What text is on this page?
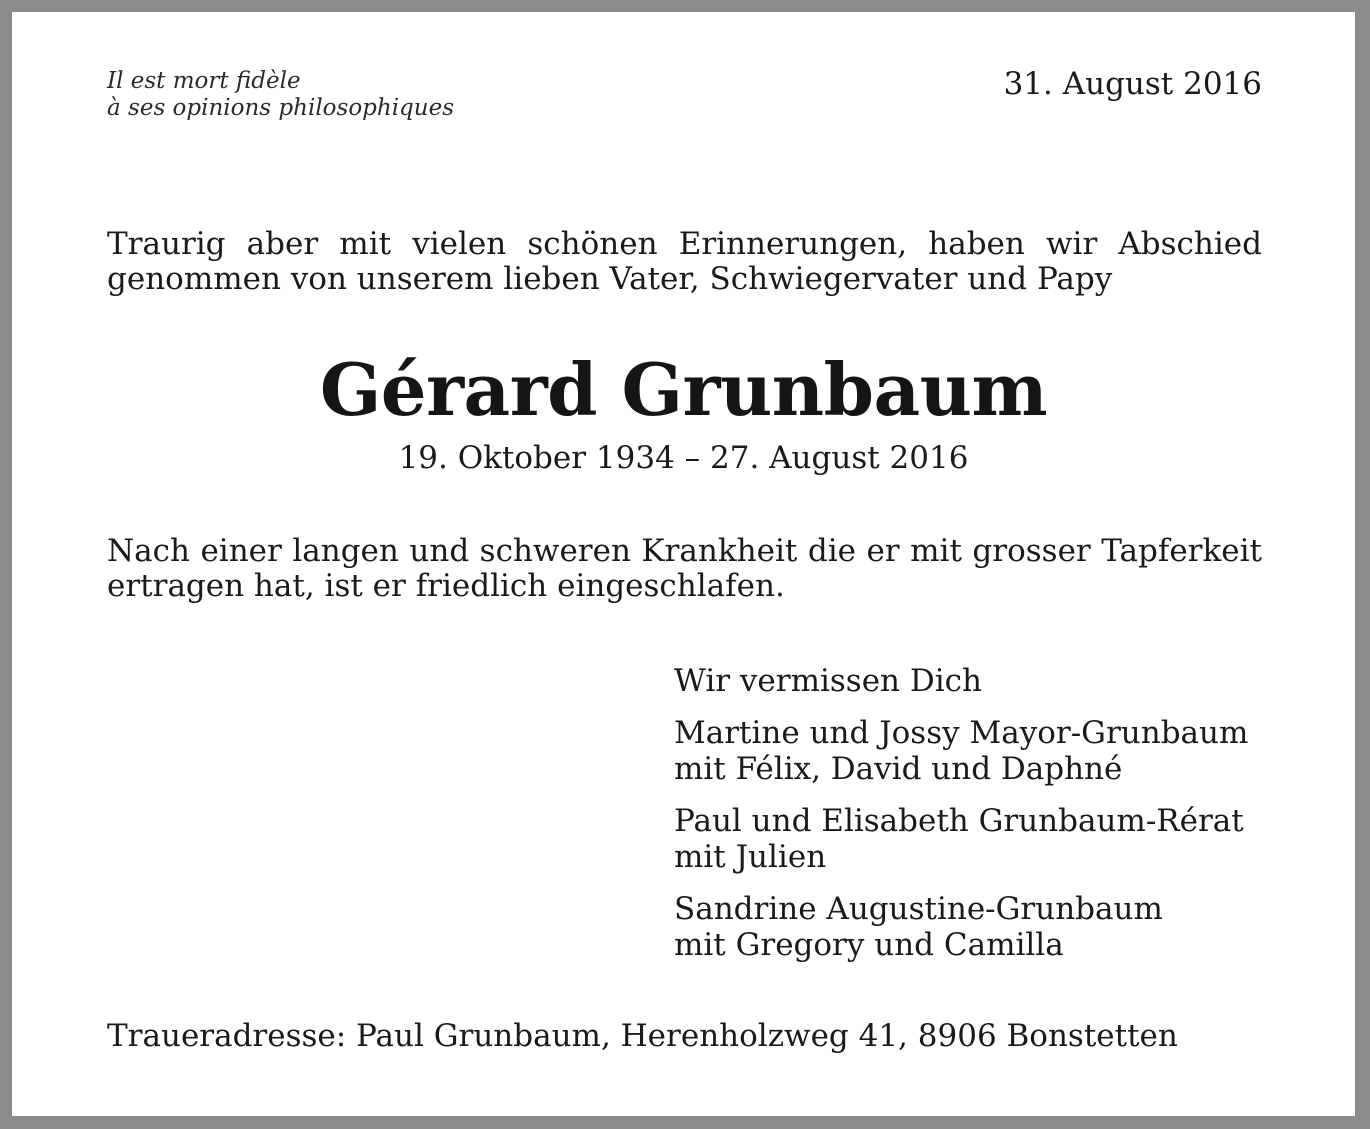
Il est mort fidèle
à ses opinions philosophiques
31. August 2016
Traurig aber mit vielen schönen Erinnerungen, haben wir Abschied
genommen von unserem lieben Vater, Schwiegervater und Papy
Gérard Grunbaum
19. Oktober 1934 – 27. August 2016
Nach einer langen und schweren Krankheit die er mit grosser Tapferkeit
ertragen hat, ist er friedlich eingeschlafen.
Wir vermissen Dich
Martine und Jossy Mayor-Grunbaum
mit Félix, David und Daphné
Paul und Elisabeth Grunbaum-Rérat
mit Julien
Sandrine Augustine-Grunbaum
mit Gregory und Camilla
Traueradresse: Paul Grunbaum, Herenholzweg 41, 8906 Bonstetten
